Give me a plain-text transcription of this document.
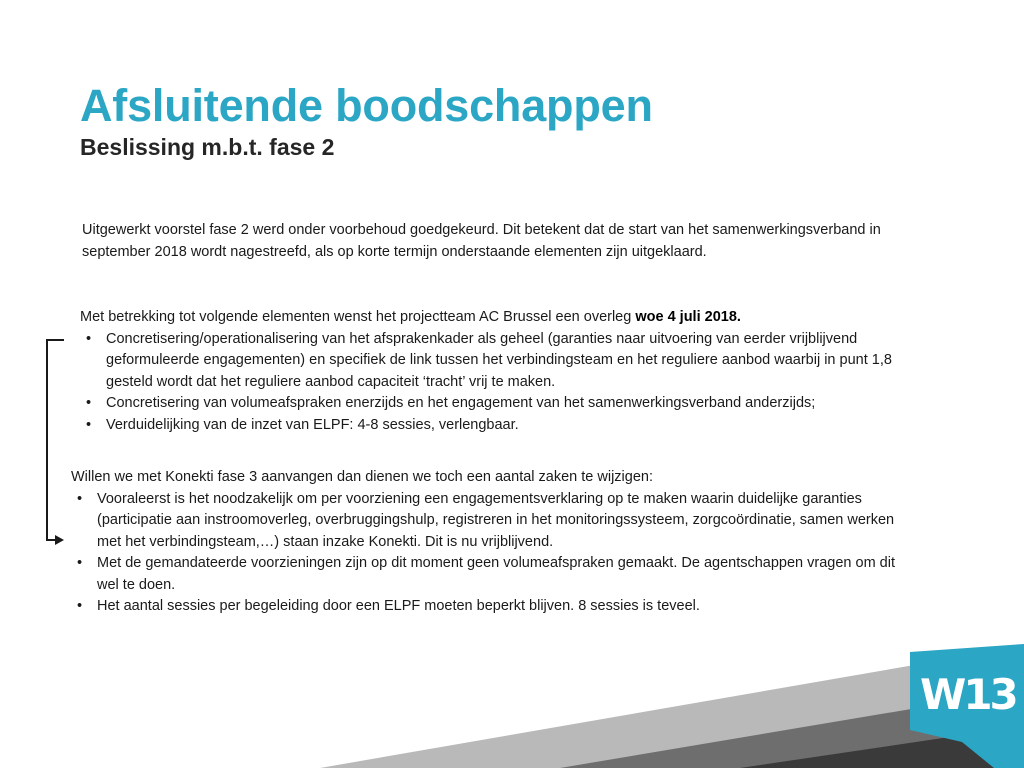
Afsluitende boodschappen
Beslissing m.b.t. fase 2

Uitgewerkt voorstel fase 2 werd onder voorbehoud goedgekeurd. Dit betekent dat de start van het samenwerkingsverband in september 2018 wordt nagestreefd, als op korte termijn onderstaande elementen zijn uitgeklaard.

Met betrekking tot volgende elementen wenst het projectteam AC Brussel een overleg woe 4 juli 2018.

• Concretisering/operationalisering van het afsprakenkader als geheel (garanties naar uitvoering van eerder vrijblijvend geformuleerde engagementen) en specifiek de link tussen het verbindingsteam en het reguliere aanbod waarbij in punt 1,8 gesteld wordt dat het reguliere aanbod capaciteit ‘tracht’ vrij te maken.
• Concretisering van volumeafspraken enerzijds en het engagement van het samenwerkingsverband anderzijds;
• Verduidelijking van de inzet van ELPF: 4-8 sessies, verlengbaar.

Willen we met Konekti fase 3 aanvangen dan dienen we toch een aantal zaken te wijzigen:

• Vooraleerst is het noodzakelijk om per voorziening een engagementsverklaring op te maken waarin duidelijke garanties (participatie aan instroomoverleg, overbruggingshulp, registreren in het monitoringssysteem, zorgcoördinatie, samen werken met het verbindingsteam,…) staan inzake Konekti. Dit is nu vrijblijvend.
• Met de gemandateerde voorzieningen zijn op dit moment geen volumeafspraken gemaakt. De agentschappen vragen om dit wel te doen.
• Het aantal sessies per begeleiding door een ELPF moeten beperkt blijven. 8 sessies is teveel.
W13
